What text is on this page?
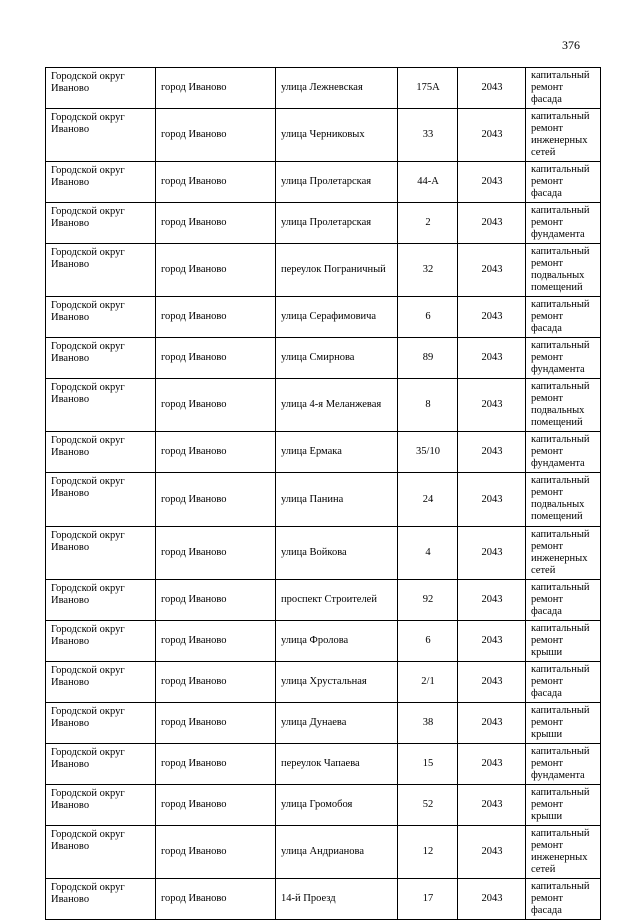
376
Городской округ Иваново	город Иваново	улица Лежневская	175А	2043	капитальный ремонт фасада
Городской округ Иваново	город Иваново	улица Черниковых	33	2043	капитальный ремонт инженерных сетей
Городской округ Иваново	город Иваново	улица Пролетарская	44-А	2043	капитальный ремонт фасада
Городской округ Иваново	город Иваново	улица Пролетарская	2	2043	капитальный ремонт фундамента
Городской округ Иваново	город Иваново	переулок Пограничный	32	2043	капитальный ремонт подвальных помещений
Городской округ Иваново	город Иваново	улица Серафимовича	6	2043	капитальный ремонт фасада
Городской округ Иваново	город Иваново	улица Смирнова	89	2043	капитальный ремонт фундамента
Городской округ Иваново	город Иваново	улица 4-я Меланжевая	8	2043	капитальный ремонт подвальных помещений
Городской округ Иваново	город Иваново	улица Ермака	35/10	2043	капитальный ремонт фундамента
Городской округ Иваново	город Иваново	улица Панина	24	2043	капитальный ремонт подвальных помещений
Городской округ Иваново	город Иваново	улица Войкова	4	2043	капитальный ремонт инженерных сетей
Городской округ Иваново	город Иваново	проспект Строителей	92	2043	капитальный ремонт фасада
Городской округ Иваново	город Иваново	улица Фролова	6	2043	капитальный ремонт крыши
Городской округ Иваново	город Иваново	улица Хрустальная	2/1	2043	капитальный ремонт фасада
Городской округ Иваново	город Иваново	улица Дунаева	38	2043	капитальный ремонт крыши
Городской округ Иваново	город Иваново	переулок Чапаева	15	2043	капитальный ремонт фундамента
Городской округ Иваново	город Иваново	улица Громобоя	52	2043	капитальный ремонт крыши
Городской округ Иваново	город Иваново	улица Андрианова	12	2043	капитальный ремонт инженерных сетей
Городской округ Иваново	город Иваново	14-й Проезд	17	2043	капитальный ремонт фасада
